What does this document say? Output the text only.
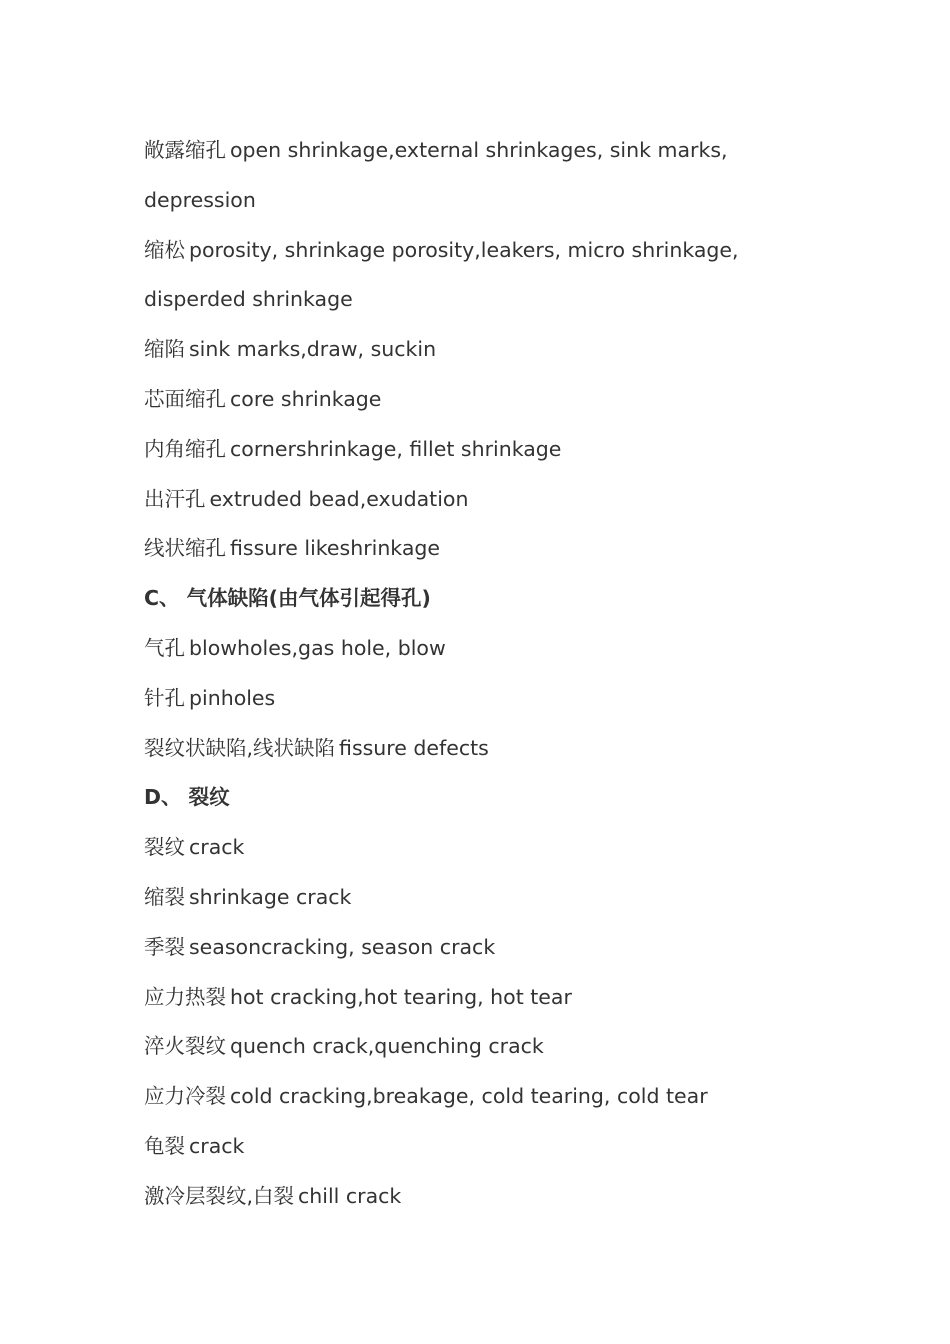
敞露缩孔 open shrinkage,external shrinkages, sink marks,
depression
缩松 porosity, shrinkage porosity,leakers, micro shrinkage,
disperded shrinkage
缩陷 sink marks,draw, suckin
芯面缩孔 core shrinkage
内角缩孔 cornershrinkage, fillet shrinkage
出汗孔 extruded bead,exudation
线状缩孔 fissure likeshrinkage
C、 气体缺陷(由气体引起得孔)
气孔 blowholes,gas hole, blow
针孔 pinholes
裂纹状缺陷,线状缺陷 fissure defects
D、 裂纹
裂纹 crack
缩裂 shrinkage crack
季裂 seasoncracking, season crack
应力热裂 hot cracking,hot tearing, hot tear
淬火裂纹 quench crack,quenching crack
应力冷裂 cold cracking,breakage, cold tearing, cold tear
龟裂 crack
激冷层裂纹,白裂 chill crack
